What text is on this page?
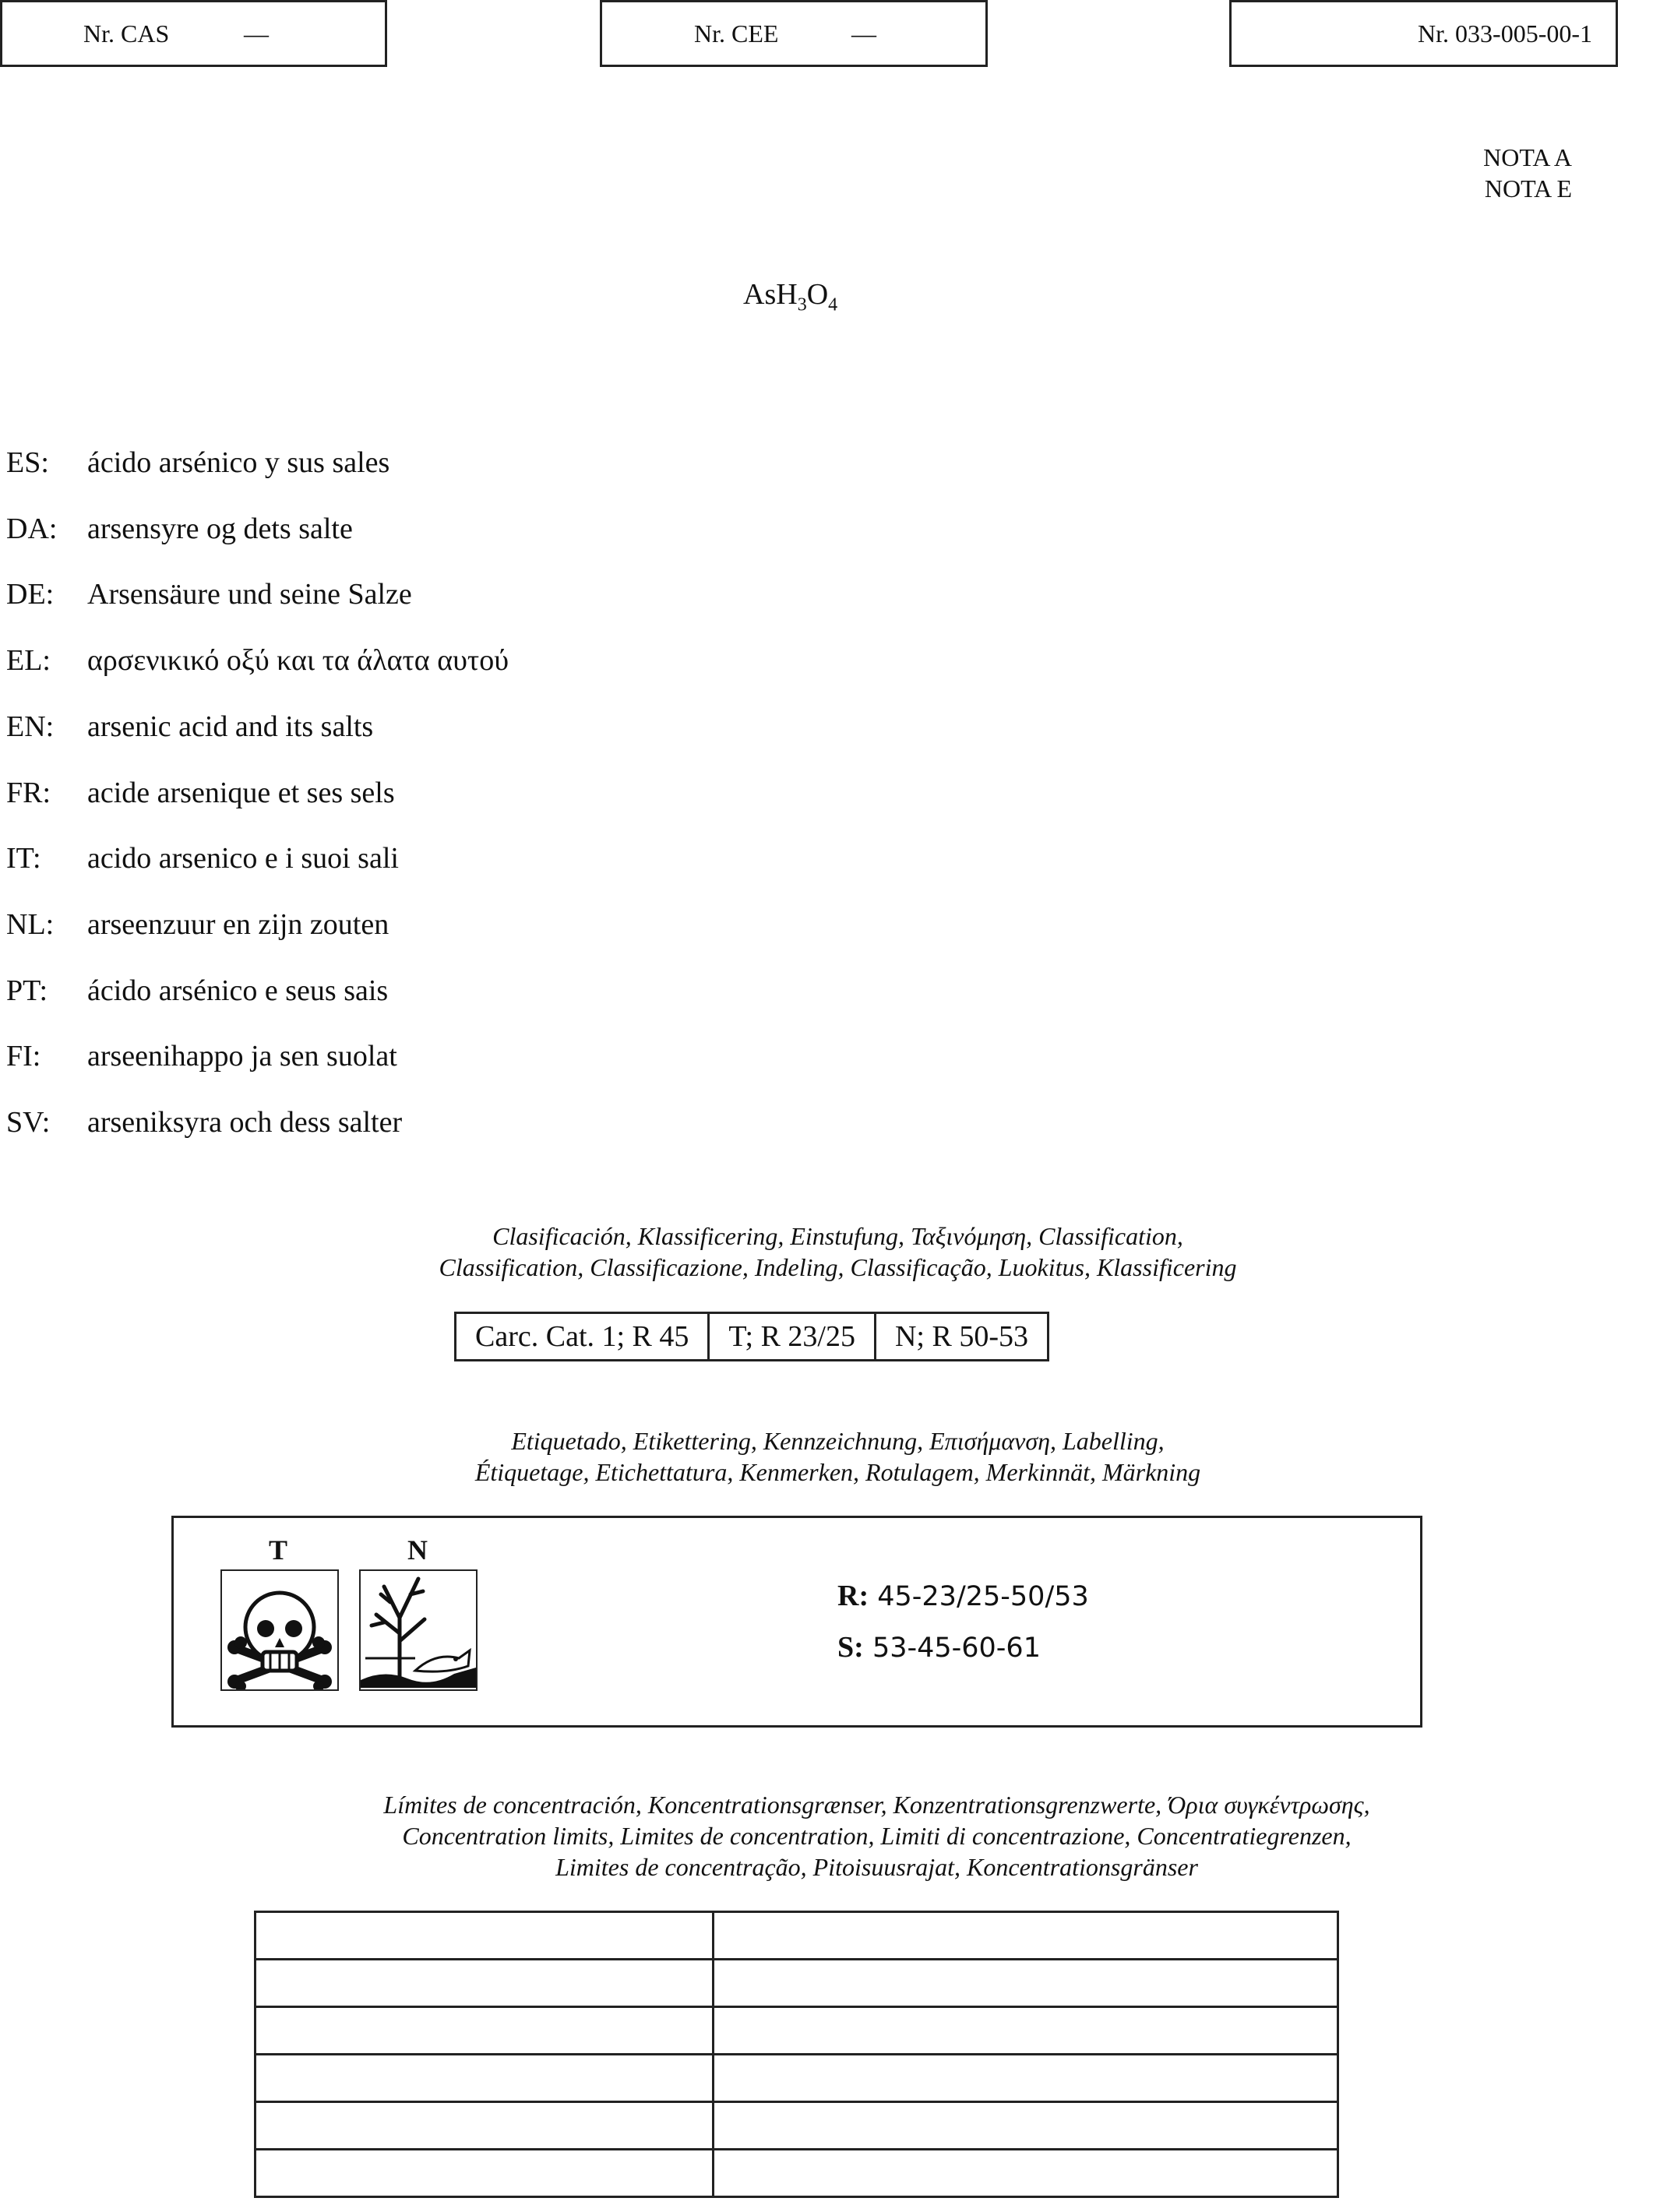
Nr. CAS	—	Nr. CEE	—	Nr. 033-005-00-1
NOTA A
NOTA E
$AsH_3O_4$
ES:	ácido arsénico y sus sales
DA:	arsensyre og dets salte
DE:	Arsensäure und seine Salze
EL:	αρσενικικό οξύ και τα άλατα αυτού
EN:	arsenic acid and its salts
FR:	acide arsenique et ses sels
IT:	acido arsenico e i suoi sali
NL:	arseenzuur en zijn zouten
PT:	ácido arsénico e seus sais
FI:	arseenihappo ja sen suolat
SV:	arseniksyra och dess salter
Clasificación, Klassificering, Einstufung, Ταξινόμηση, Classification,
Classification, Classificazione, Indeling, Classificação, Luokitus, Klassificering
Carc. Cat. 1; R 45	T; R 23/25	N; R 50-53
Etiquetado, Etikettering, Kennzeichnung, Επισήμανση, Labelling,
Étiquetage, Etichettatura, Kenmerken, Rotulagem, Merkinnät, Märkning
T	N
R: 45-23/25-50/53
S: 53-45-60-61
Límites de concentración, Koncentrationsgrænser, Konzentrationsgrenzwerte, Όρια συγκέντρωσης,
Concentration limits, Limites de concentration, Limiti di concentrazione, Concentratiegrenzen,
Limites de concentração, Pitoisuusrajat, Koncentrationsgränser
